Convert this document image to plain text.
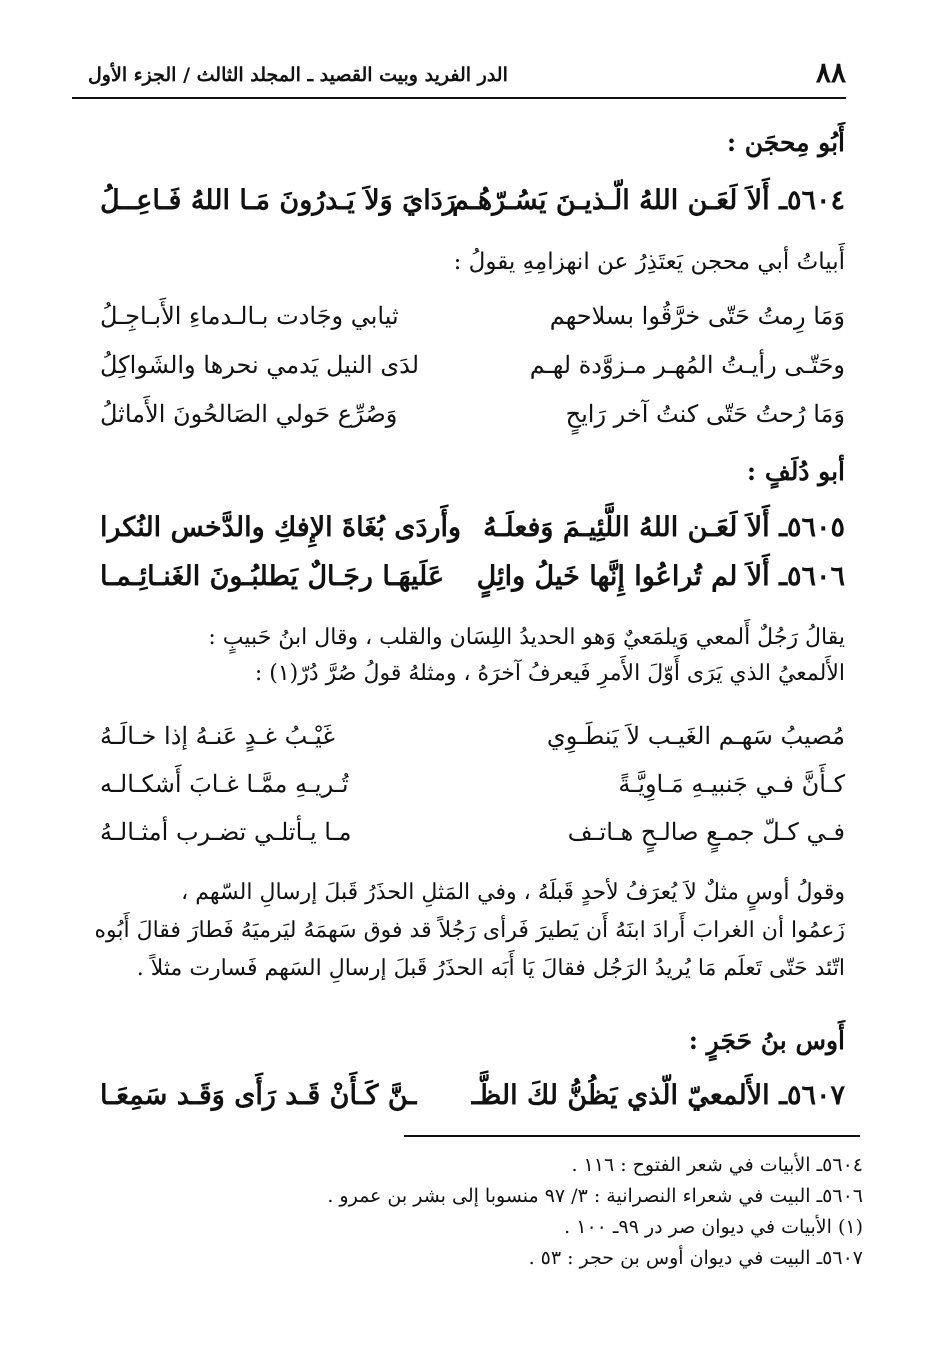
٨٨
الدر الفريد وبيت القصيد ـ المجلد الثالث / الجزء الأول
أَبُو مِحجَن :
٥٦٠٤ـ أَلاَ لَعَـن اللهُ الّـذيـنَ يَسُـرّهُـم
رَدَايَ وَلاَ يَـدرُونَ مَـا اللهُ فَـاعِــلُ
أَبياتُ أبي محجن يَعتَذِرُ عن انهزامِهِ يقولُ :
وَمَا رِمتُ حَتّى خرَّقُوا بسلاحهم
ثيابي وجَادت بـالـدماءِ الأَبـاجِـلُ
وحَتّـى رأيـتُ المُهـر مـزوَّدة لهـم
لدَى النيل يَدمي نحرها والشَواكِلُ
وَمَا رُحتُ حَتّى كنتُ آخر رَايحٍ
وَصُرِّع حَولي الصَالحُونَ الأَماثلُ
أبو دُلَفٍ :
٥٦٠٥ـ أَلاَ لَعَـن اللهُ اللَّئِيـمَ وَفعلَـهُ
وأَردَى بُغَاةَ الإِفكِ والدَّخس النُكرا
٥٦٠٦ـ أَلاَ لم تُراعُوا إِنَّها خَيلُ وائِلٍ
عَلَيهَـا رجَـالٌ يَطلبُـونَ الغَنـائِـمـا

يقالُ رَجُلٌ أَلمعي وَيلمَعيٌ وَهو الحديدُ اللِسَان والقلب ، وقال ابنُ حَبيبٍ :

الأَلمعيُ الذي يَرَى أَوّلَ الأَمرِ فَيعرفُ آخرَهُ ، ومثلهُ قولُ صُرَّ دُرّ(١) :

مُصيبُ سَهـم الغَيـب لاَ يَنطَـوِي
غَيْـبُ غـدٍ عَنـهُ إذا خـالَـهُ
كـأَنَّ فـي جَنبيـهِ مَـاوِيَّـةً
تُـريـهِ ممَّـا غـابَ أَشكـالـه
فـي كـلّ جمـعٍ صالـحٍ هـاتـف
مـا يـأتلـي تضـرب أمثـالـهُ

وقولُ أوسٍ مثلٌ لاَ يُعرَفُ لأحدٍ قَبلَهُ ، وفي المَثلِ الحذَرُ قَبلَ إرسالِ السّهم ،

زَعمُوا أن الغرابَ أَرادَ ابنَهُ أَن يَطيرَ فَرأى رَجُلاً قد فوق سَهمَهُ ليَرميَهُ فَطارَ فقالَ أَبُوه

اتّئد حَتّى تَعلَم مَا يُريدُ الرَجُل فقالَ يَا أَبَه الحذَرُ قَبلَ إرسالِ السَهم فَسارت مثلاً .

أَوس بنُ حَجَرٍ :
٥٦٠٧ـ الأَلمعيّ الّذي يَظُنُّ لكَ الظَّـ
ـنَّ كَـأَنْ قَـد رَأَى وَقَـد سَمِعَـا
٥٦٠٤ـ الأبيات في شعر الفتوح : ١١٦ .
٥٦٠٦ـ البيت في شعراء النصرانية : ٣/ ٩٧ منسوبا إلى بشر بن عمرو .
(١) الأبيات في ديوان صر در ٩٩ـ ١٠٠ .
٥٦٠٧ـ البيت في ديوان أوس بن حجر : ٥٣ .
